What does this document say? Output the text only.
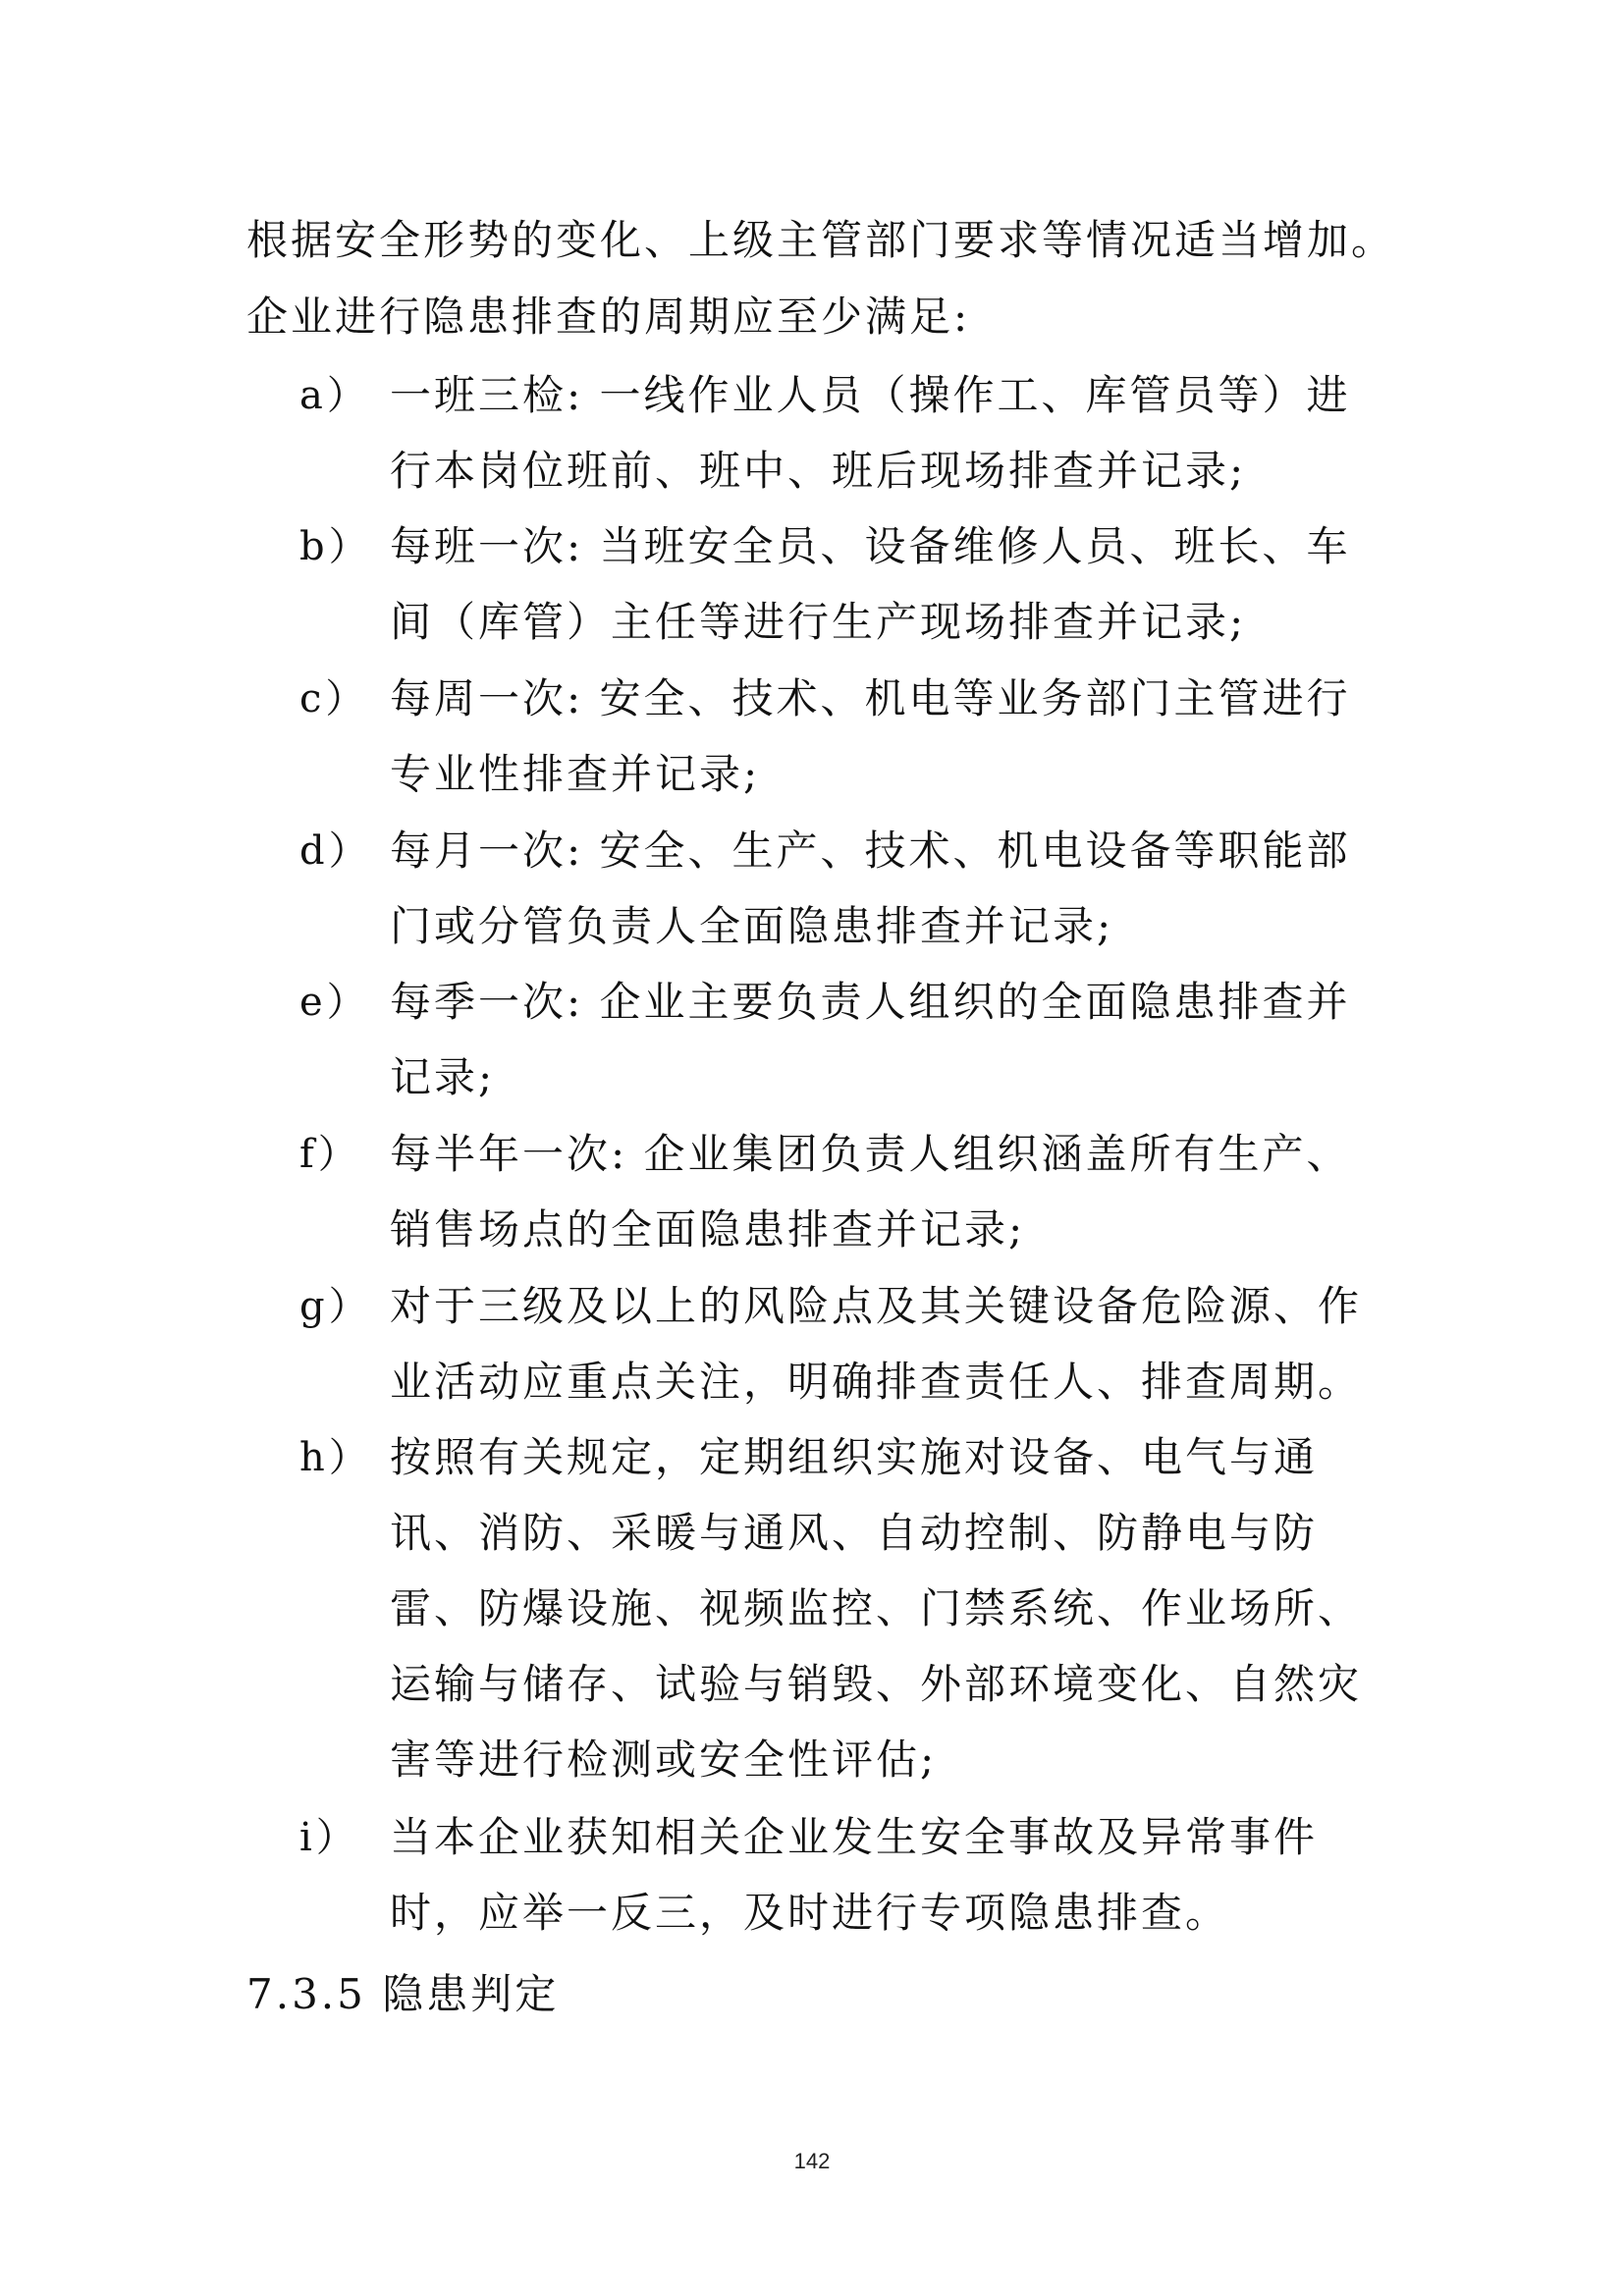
根据安全形势的变化、上级主管部门要求等情况适当增加。
企业进行隐患排查的周期应至少满足:
a） 一班三检: 一线作业人员（操作工、库管员等）进行本岗位班前、班中、班后现场排查并记录;
b） 每班一次: 当班安全员、设备维修人员、班长、车间（库管）主任等进行生产现场排查并记录;
c） 每周一次: 安全、技术、机电等业务部门主管进行专业性排查并记录;
d） 每月一次: 安全、生产、技术、机电设备等职能部门或分管负责人全面隐患排查并记录;
e） 每季一次: 企业主要负责人组织的全面隐患排查并记录;
f） 每半年一次: 企业集团负责人组织涵盖所有生产、销售场点的全面隐患排查并记录;
g） 对于三级及以上的风险点及其关键设备危险源、作业活动应重点关注，明确排查责任人、排查周期。
h） 按照有关规定，定期组织实施对设备、电气与通讯、消防、采暖与通风、自动控制、防静电与防雷、防爆设施、视频监控、门禁系统、作业场所、运输与储存、试验与销毁、外部环境变化、自然灾害等进行检测或安全性评估;
i） 当本企业获知相关企业发生安全事故及异常事件时，应举一反三，及时进行专项隐患排查。
7.3.5 隐患判定
142
